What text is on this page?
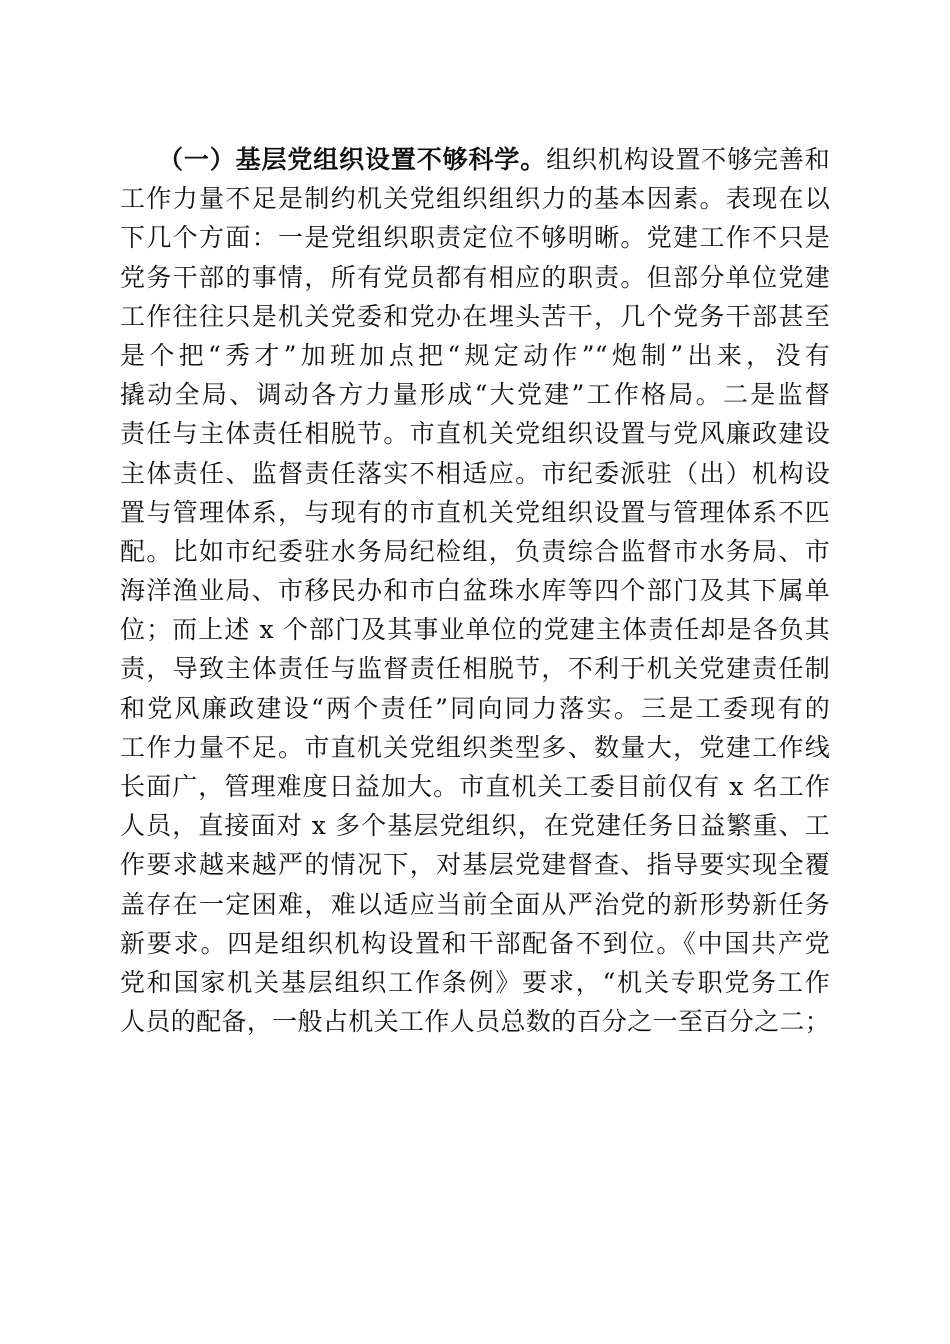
（一）基层党组织设置不够科学。组织机构设置不够完善和
工作力量不足是制约机关党组织组织力的基本因素。表现在以
下几个方面：一是党组织职责定位不够明晰。党建工作不只是
党务干部的事情，所有党员都有相应的职责。但部分单位党建
工作往往只是机关党委和党办在埋头苦干，几个党务干部甚至
是个把“秀才”加班加点把“规定动作”“炮制”出来，没有
撬动全局、调动各方力量形成“大党建”工作格局。二是监督
责任与主体责任相脱节。市直机关党组织设置与党风廉政建设
主体责任、监督责任落实不相适应。市纪委派驻（出）机构设
置与管理体系，与现有的市直机关党组织设置与管理体系不匹
配。比如市纪委驻水务局纪检组，负责综合监督市水务局、市
海洋渔业局、市移民办和市白盆珠水库等四个部门及其下属单
位；而上述 x 个部门及其事业单位的党建主体责任却是各负其
责，导致主体责任与监督责任相脱节，不利于机关党建责任制
和党风廉政建设“两个责任”同向同力落实。三是工委现有的
工作力量不足。市直机关党组织类型多、数量大，党建工作线
长面广，管理难度日益加大。市直机关工委目前仅有 x 名工作
人员，直接面对 x 多个基层党组织，在党建任务日益繁重、工
作要求越来越严的情况下，对基层党建督查、指导要实现全覆
盖存在一定困难，难以适应当前全面从严治党的新形势新任务
新要求。四是组织机构设置和干部配备不到位。《中国共产党
党和国家机关基层组织工作条例》要求，“机关专职党务工作
人员的配备，一般占机关工作人员总数的百分之一至百分之二；
